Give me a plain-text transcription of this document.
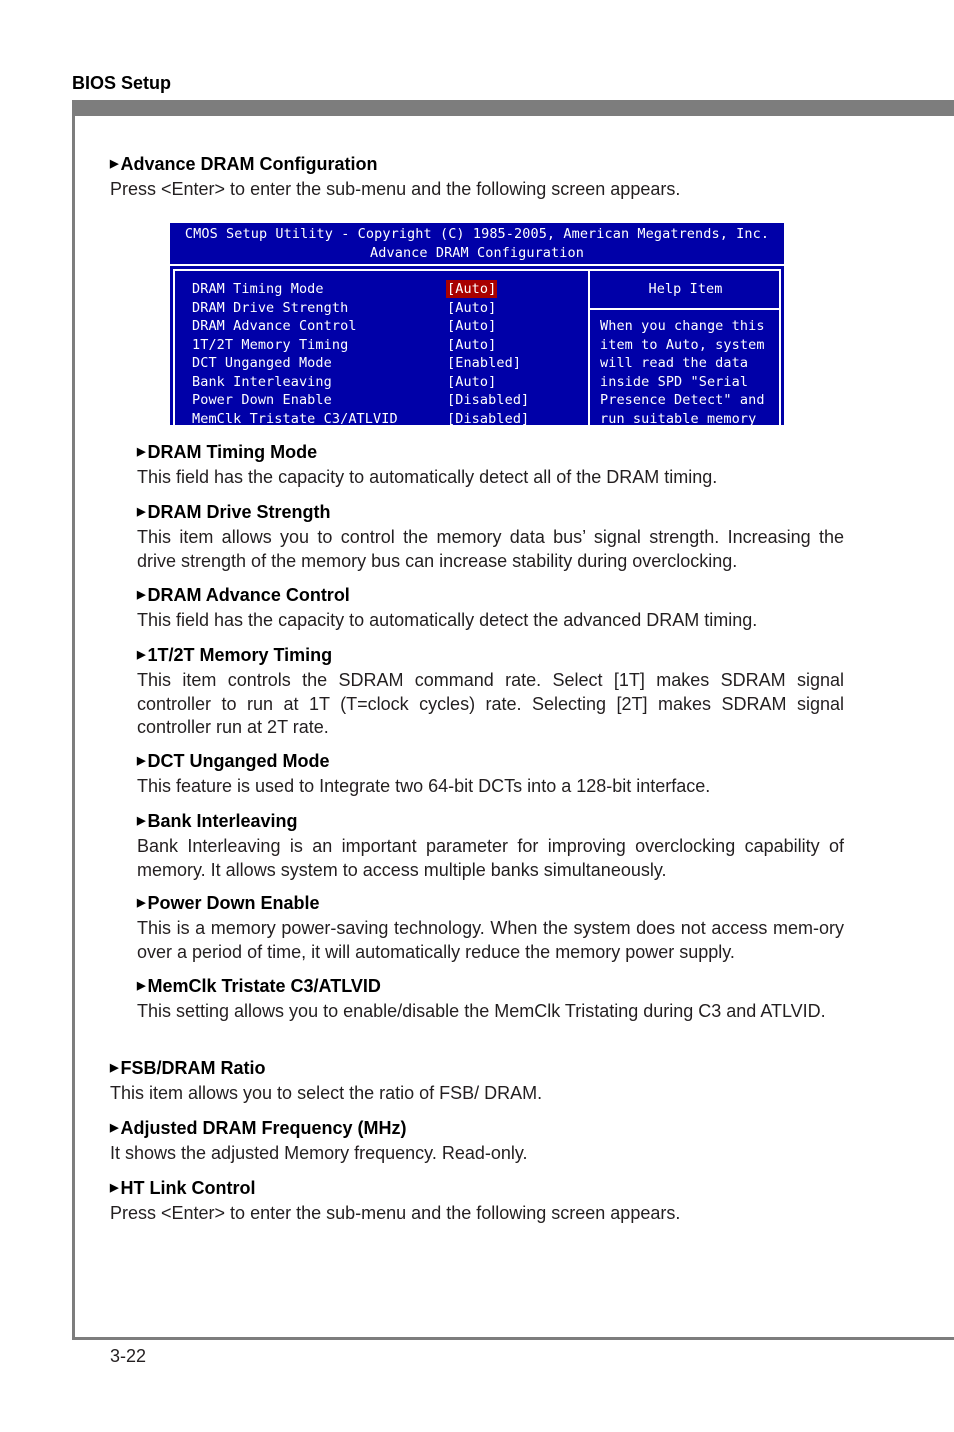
BIOS Setup
▶ Advance DRAM Configuration

Press <Enter> to enter the sub-menu and the following screen appears.

CMOS Setup Utility - Copyright (C) 1985-2005, American Megatrends, Inc.
Advance DRAM Configuration
Help Item
DRAM Timing Mode	[Auto]
DRAM Drive Strength	[Auto]
DRAM Advance Control	[Auto]
1T/2T Memory Timing	[Auto]
DCT Unganged Mode	[Enabled]
Bank Interleaving	[Auto]
Power Down Enable	[Disabled]
MemClk Tristate C3/ATLVID	[Disabled]
When you change this
item to Auto, system
will read the data
inside SPD "Serial
Presence Detect" and
run suitable memory
▶ DRAM Timing Mode

This field has the capacity to automatically detect all of the DRAM timing.

▶ DRAM Drive Strength

This item allows you to control the memory data bus’ signal strength. Increasing the drive strength of the memory bus can increase stability during overclocking.

▶ DRAM Advance Control

This field has the capacity to automatically detect the advanced DRAM timing.

▶ 1T/2T Memory Timing

This item controls the SDRAM command rate. Select [1T] makes SDRAM signal controller to run at 1T (T=clock cycles) rate. Selecting [2T] makes SDRAM signal controller run at 2T rate.

▶ DCT Unganged Mode

This feature is used to Integrate two 64-bit DCTs into a 128-bit interface.

▶ Bank Interleaving

Bank Interleaving is an important parameter for improving overclocking capability of memory. It allows system to access multiple banks simultaneously.

▶ Power Down Enable

This is a memory power-saving technology. When the system does not access mem-ory over a period of time, it will automatically reduce the memory power supply.

▶ MemClk Tristate C3/ATLVID

This setting allows you to enable/disable the MemClk Tristating during C3 and ATLVID.

▶ FSB/DRAM Ratio

This item allows you to select the ratio of FSB/ DRAM.

▶ Adjusted DRAM Frequency (MHz)

It shows the adjusted Memory frequency. Read-only.

▶ HT Link Control

Press <Enter> to enter the sub-menu and the following screen appears.

3-22
